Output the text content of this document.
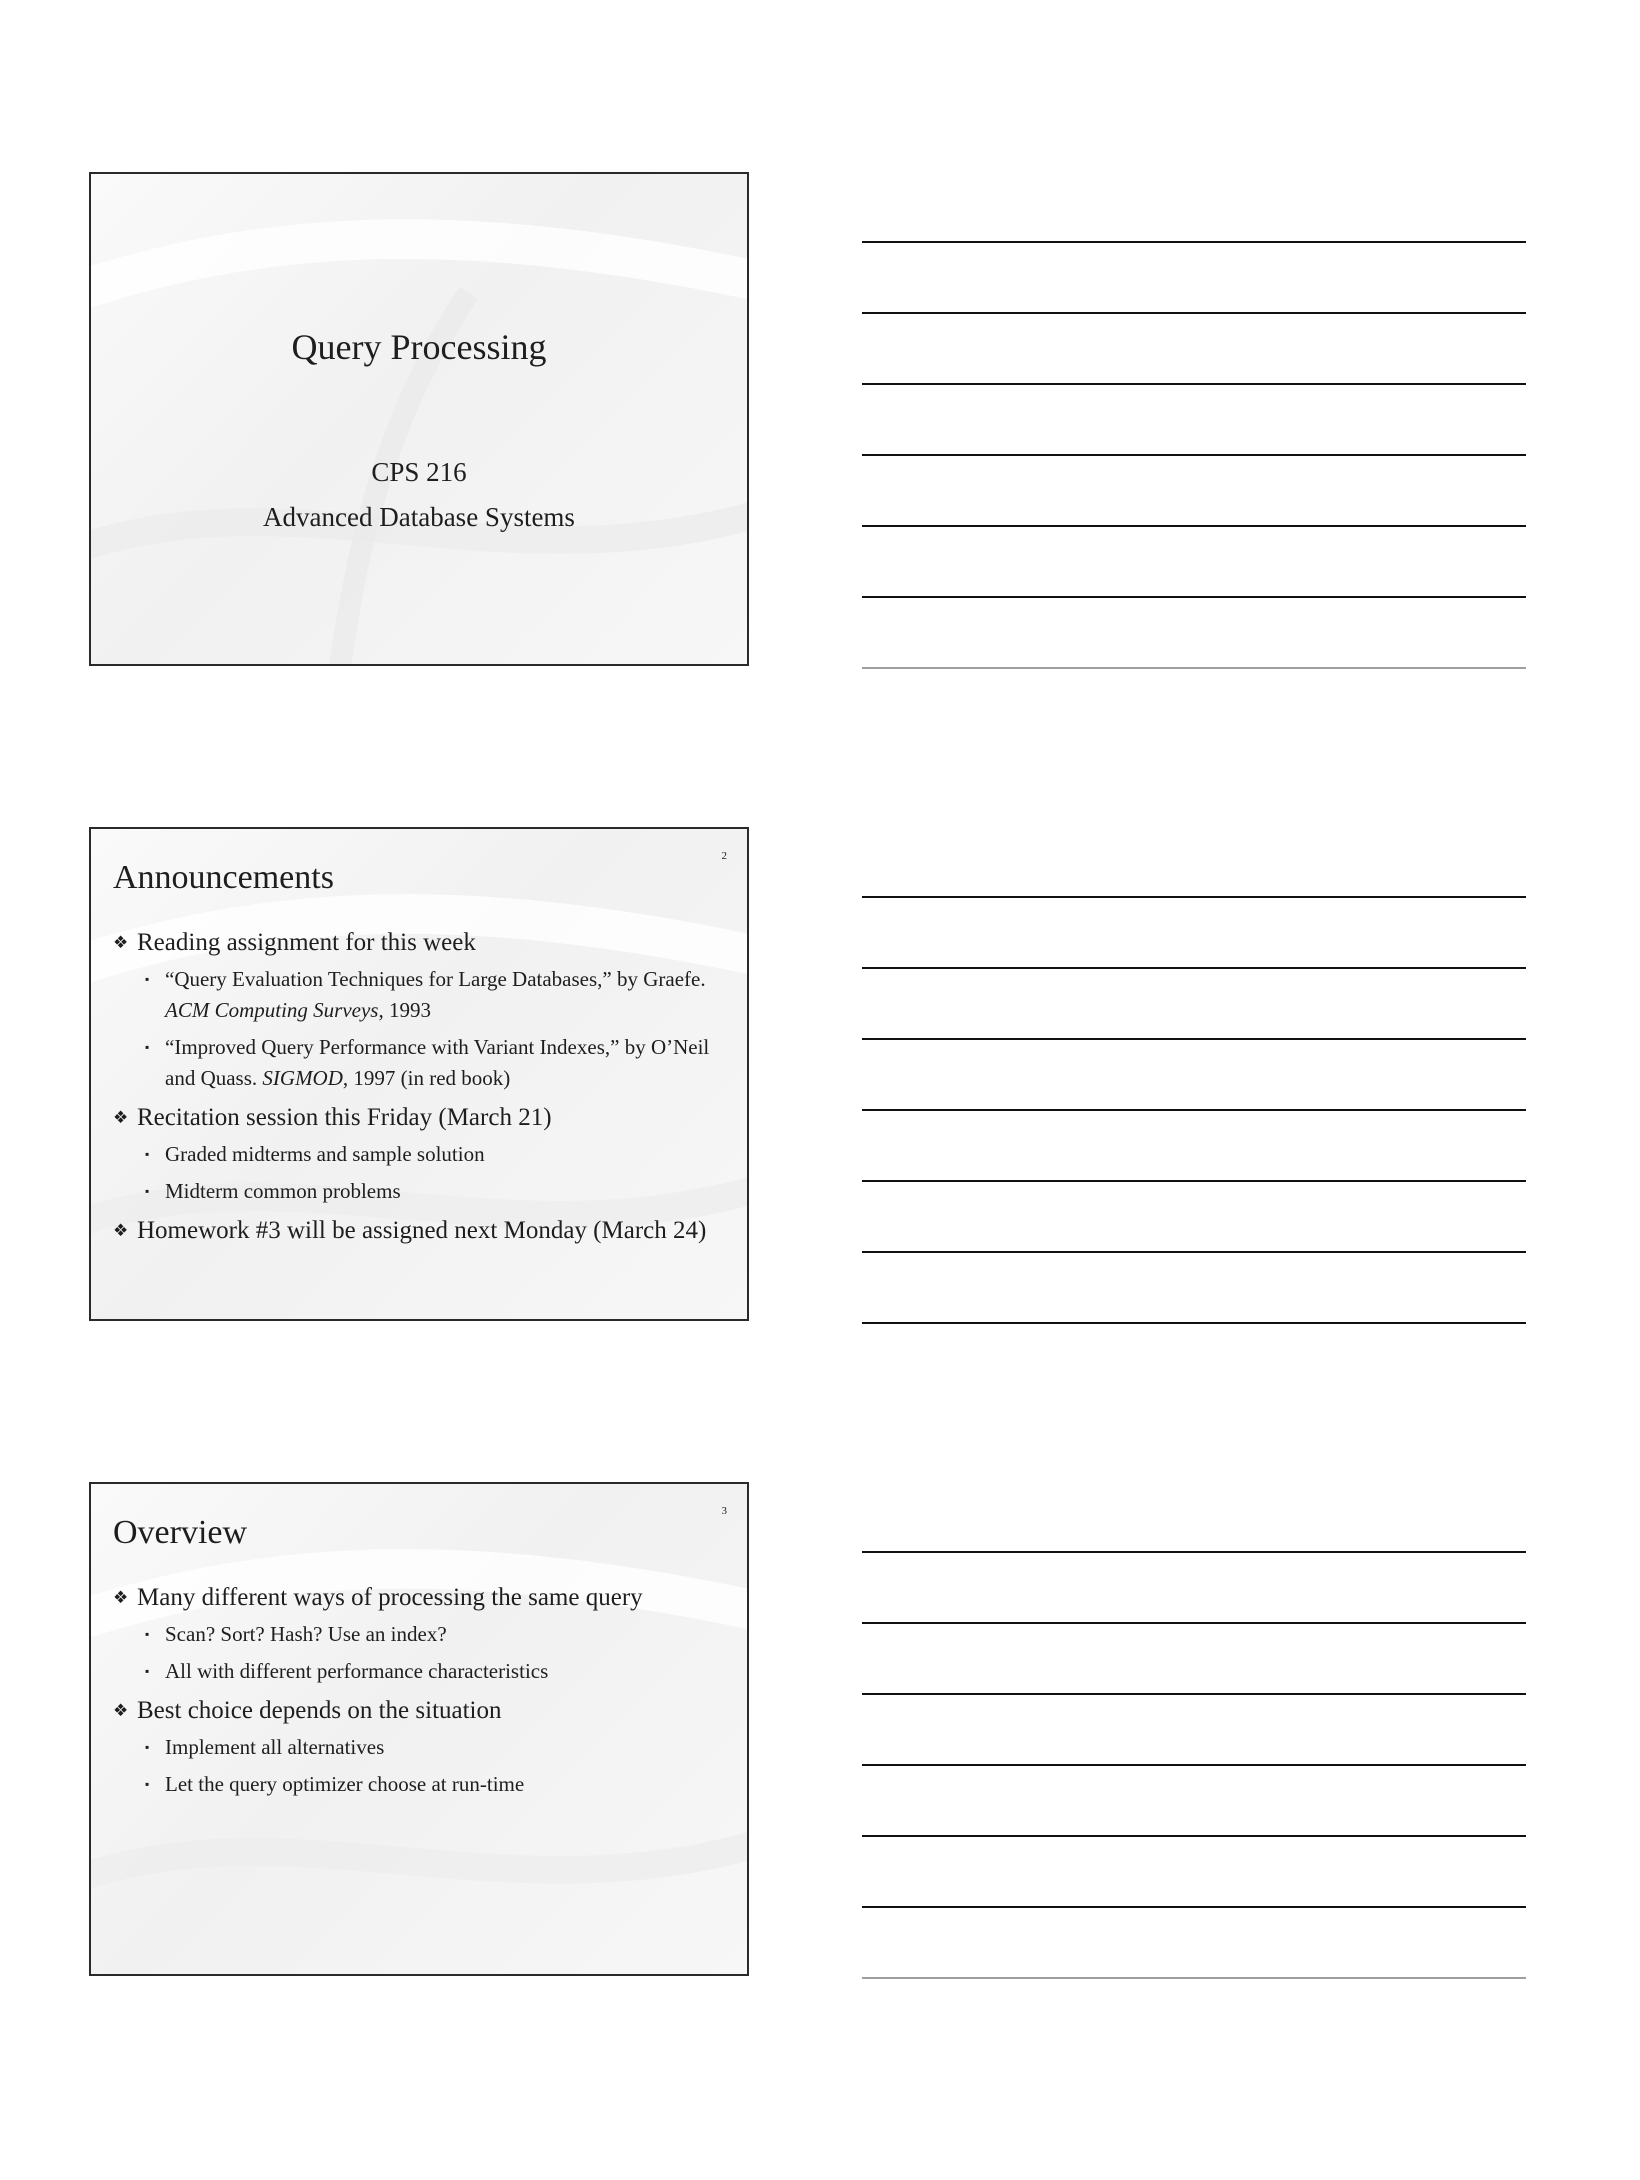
Query Processing
CPS 216
Advanced Database Systems
Announcements
2
❖ Reading assignment for this week
▪ “Query Evaluation Techniques for Large Databases,” by Graefe. ACM Computing Surveys, 1993
▪ “Improved Query Performance with Variant Indexes,” by O’Neil and Quass. SIGMOD, 1997 (in red book)
❖ Recitation session this Friday (March 21)
▪ Graded midterms and sample solution
▪ Midterm common problems
❖ Homework #3 will be assigned next Monday (March 24)
Overview
3
❖ Many different ways of processing the same query
▪ Scan? Sort? Hash? Use an index?
▪ All with different performance characteristics
❖ Best choice depends on the situation
▪ Implement all alternatives
▪ Let the query optimizer choose at run-time
